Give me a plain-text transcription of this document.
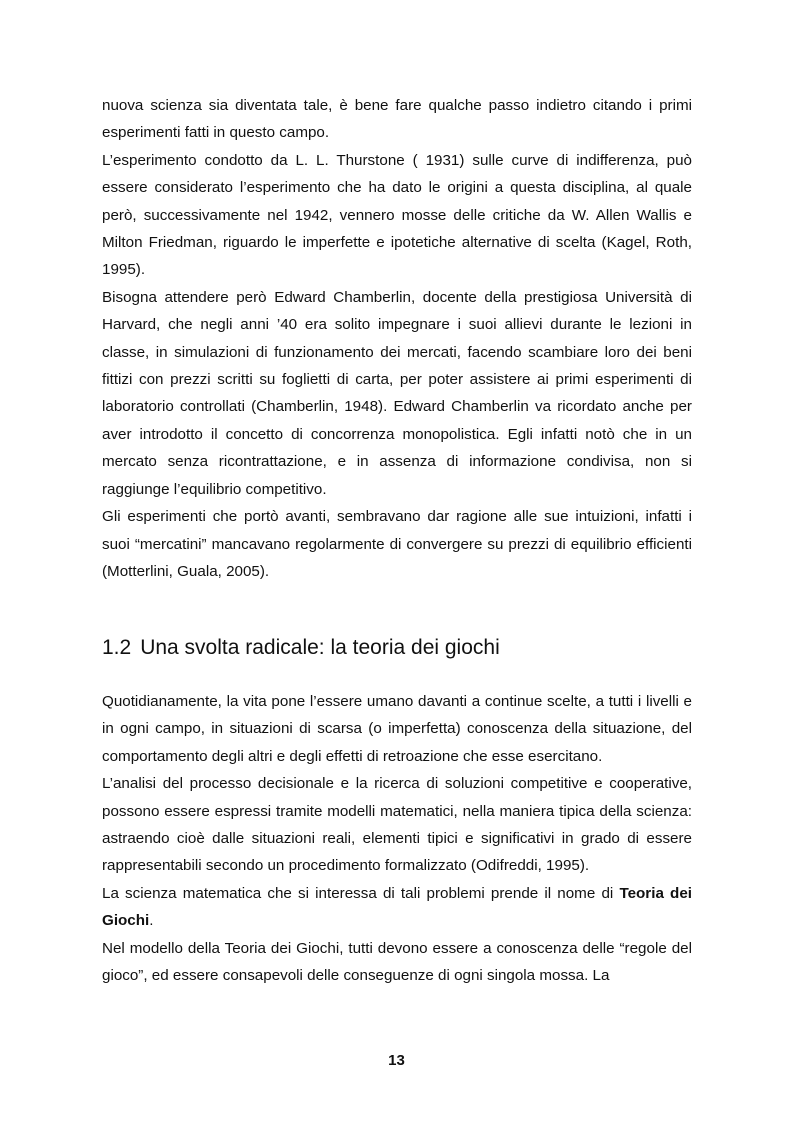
nuova scienza sia diventata tale, è bene fare qualche passo indietro citando i primi esperimenti fatti in questo campo.

L’esperimento condotto da L. L. Thurstone ( 1931) sulle curve di indifferenza, può essere considerato l’esperimento che ha dato le origini a questa disciplina, al quale però, successivamente nel 1942, vennero mosse delle critiche da W. Allen Wallis e Milton Friedman, riguardo le imperfette e ipotetiche alternative di scelta (Kagel, Roth, 1995).

Bisogna attendere però Edward Chamberlin, docente della prestigiosa Università di Harvard, che negli anni ’40 era solito impegnare i suoi allievi durante le lezioni in classe, in simulazioni di funzionamento dei mercati, facendo scambiare loro dei beni fittizi con prezzi scritti su foglietti di carta, per poter assistere ai primi esperimenti di laboratorio controllati (Chamberlin, 1948). Edward Chamberlin va ricordato anche per aver introdotto il concetto di concorrenza monopolistica. Egli infatti notò che in un mercato senza ricontrattazione, e in assenza di informazione condivisa, non si raggiunge l’equilibrio competitivo.

Gli esperimenti che portò avanti, sembravano dar ragione alle sue intuizioni, infatti i suoi “mercatini” mancavano regolarmente di convergere su prezzi di equilibrio efficienti (Motterlini, Guala, 2005).

1.2 Una svolta radicale: la teoria dei giochi

Quotidianamente, la vita pone l’essere umano davanti a continue scelte, a tutti i livelli e in ogni campo, in situazioni di scarsa (o imperfetta) conoscenza della situazione, del comportamento degli altri e degli effetti di retroazione che esse esercitano.

L’analisi del processo decisionale e la ricerca di soluzioni competitive e cooperative, possono essere espressi tramite modelli matematici, nella maniera tipica della scienza: astraendo cioè dalle situazioni reali, elementi tipici e significativi in grado di essere rappresentabili secondo un procedimento formalizzato (Odifreddi, 1995).

La scienza matematica che si interessa di tali problemi prende il nome di Teoria dei Giochi.

Nel modello della Teoria dei Giochi, tutti devono essere a conoscenza delle “regole del gioco”, ed essere consapevoli delle conseguenze di ogni singola mossa. La

13
